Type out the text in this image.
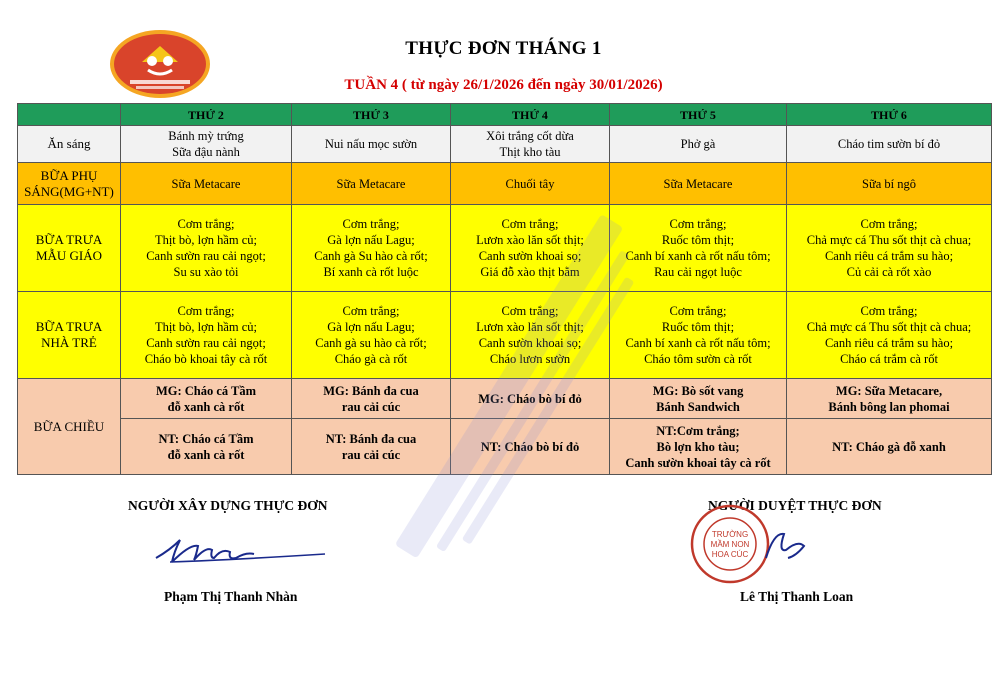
THỰC ĐƠN THÁNG 1
TUẦN 4 ( từ ngày 26/1/2026 đến ngày 30/01/2026)
	THỨ 2	THỨ 3	THỨ 4	THỨ 5	THỨ 6
Ăn sáng	Bánh mỳ trứng
Sữa đậu nành	Nui nấu mọc sườn	Xôi trắng cốt dừa
Thịt kho tàu	Phở gà	Cháo tim sườn bí đỏ

BỮA PHỤ
SÁNG(MG+NT)	Sữa Metacare	Sữa Metacare	Chuối tây	Sữa Metacare	Sữa bí ngô

BỮA TRƯA
MẪU GIÁO	Cơm trắng;
Thịt bò, lợn hầm củ;
Canh sườn rau cải ngọt;
Su su xào tỏi	Cơm trắng;
Gà lợn nấu Lagu;
Canh gà Su hào cà rốt;
Bí xanh cà rốt luộc	Cơm trắng;
Lươn xào lăn sốt thịt;
Canh sườn khoai sọ;
Giá đỗ xào thịt bằm	Cơm trắng;
Ruốc tôm thịt;
Canh bí xanh cà rốt nấu tôm;
Rau cải ngọt luộc	Cơm trắng;
Chả mực cá Thu sốt thịt cà chua;
Canh riêu cá trắm su hào;
Củ cải cà rốt xào

BỮA TRƯA
NHÀ TRẺ	Cơm trắng;
Thịt bò, lợn hầm củ;
Canh sườn rau cải ngọt;
Cháo bò khoai tây cà rốt	Cơm trắng;
Gà lợn nấu Lagu;
Canh gà su hào cà rốt;
Cháo gà cà rốt	Cơm trắng;
Lươn xào lăn sốt thịt;
Canh sườn khoai sọ;
Cháo lươn sườn	Cơm trắng;
Ruốc tôm thịt;
Canh bí xanh cà rốt nấu tôm;
Cháo tôm sườn cà rốt	Cơm trắng;
Chả mực cá Thu sốt thịt cà chua;
Canh riêu cá trắm su hào;
Cháo cá trắm cà rốt

BỮA CHIỀU	MG: Cháo cá Tầm
đỗ xanh cà rốt	MG: Bánh đa cua
rau cải cúc	MG: Cháo bò bí đỏ	MG: Bò sốt vang
Bánh Sandwich	MG: Sữa Metacare,
Bánh bông lan phomai

	NT: Cháo cá Tầm
đỗ xanh cà rốt	NT: Bánh đa cua
rau cải cúc	NT: Cháo bò bí đỏ	NT:Cơm trắng;
Bò lợn kho tàu;
Canh sườn khoai tây cà rốt	NT: Cháo gà đỗ xanh
NGƯỜI XÂY DỰNG THỰC ĐƠN	NGƯỜI DUYỆT THỰC ĐƠN
TRƯỜNG
MẦM NON
HOA CÚC
Phạm Thị Thanh Nhàn	Lê Thị Thanh Loan
